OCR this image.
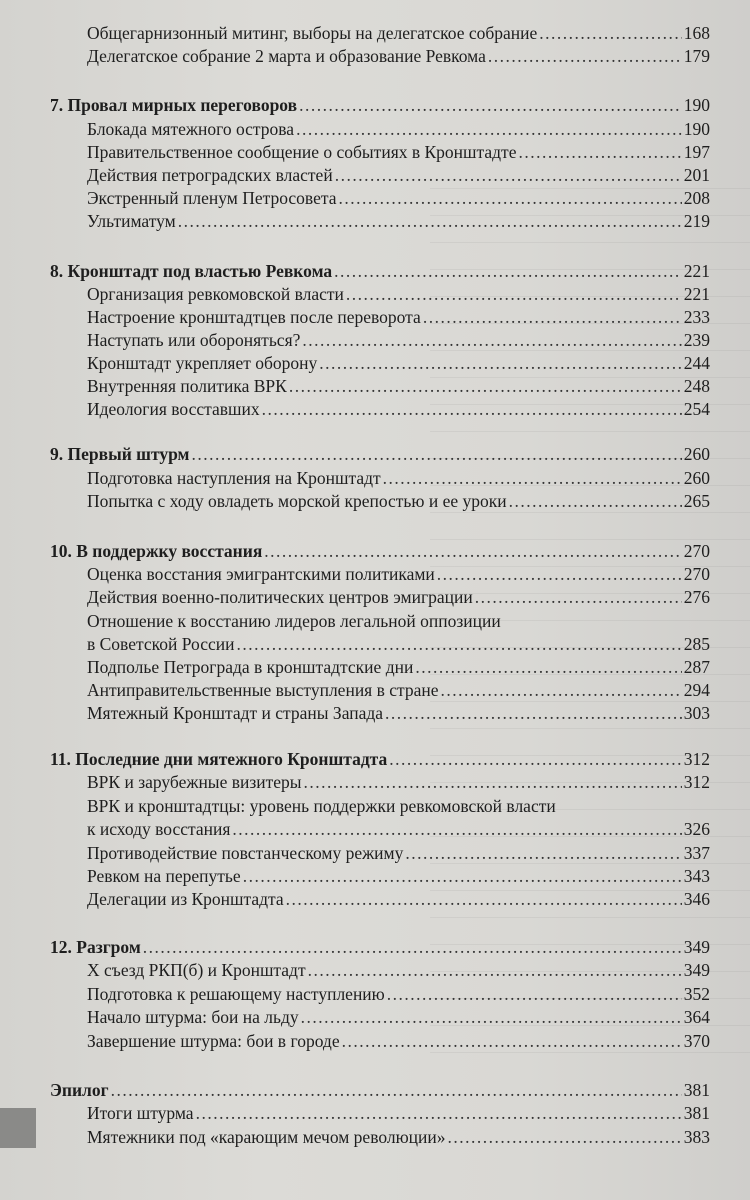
Общегарнизонный митинг, выборы на делегатское собрание .....	168
Делегатское собрание 2 марта и образование Ревкома .....	179
7. Провал мирных переговоров .....	190
Блокада мятежного острова .....	190
Правительственное сообщение о событиях в Кронштадте .....	197
Действия петроградских властей .....	201
Экстренный пленум Петросовета .....	208
Ультиматум .....	219
8. Кронштадт под властью Ревкома .....	221
Организация ревкомовской власти .....	221
Настроение кронштадтцев после переворота .....	233
Наступать или обороняться? .....	239
Кронштадт укрепляет оборону .....	244
Внутренняя политика ВРК .....	248
Идеология восставших .....	254
9. Первый штурм .....	260
Подготовка наступления на Кронштадт .....	260
Попытка с ходу овладеть морской крепостью и ее уроки .....	265
10. В поддержку восстания .....	270
Оценка восстания эмигрантскими политиками .....	270
Действия военно-политических центров эмиграции .....	276
Отношение к восстанию лидеров легальной оппозиции
в Советской России .....	285
Подполье Петрограда в кронштадтские дни .....	287
Антиправительственные выступления в стране .....	294
Мятежный Кронштадт и страны Запада .....	303
11. Последние дни мятежного Кронштадта .....	312
ВРК и зарубежные визитеры .....	312
ВРК и кронштадтцы: уровень поддержки ревкомовской власти
к исходу восстания .....	326
Противодействие повстанческому режиму .....	337
Ревком на перепутье .....	343
Делегации из Кронштадта .....	346
12. Разгром .....	349
X съезд РКП(б) и Кронштадт .....	349
Подготовка к решающему наступлению .....	352
Начало штурма: бои на льду .....	364
Завершение штурма: бои в городе .....	370
Эпилог .....	381
Итоги штурма .....	381
Мятежники под «карающим мечом революции» .....	383
